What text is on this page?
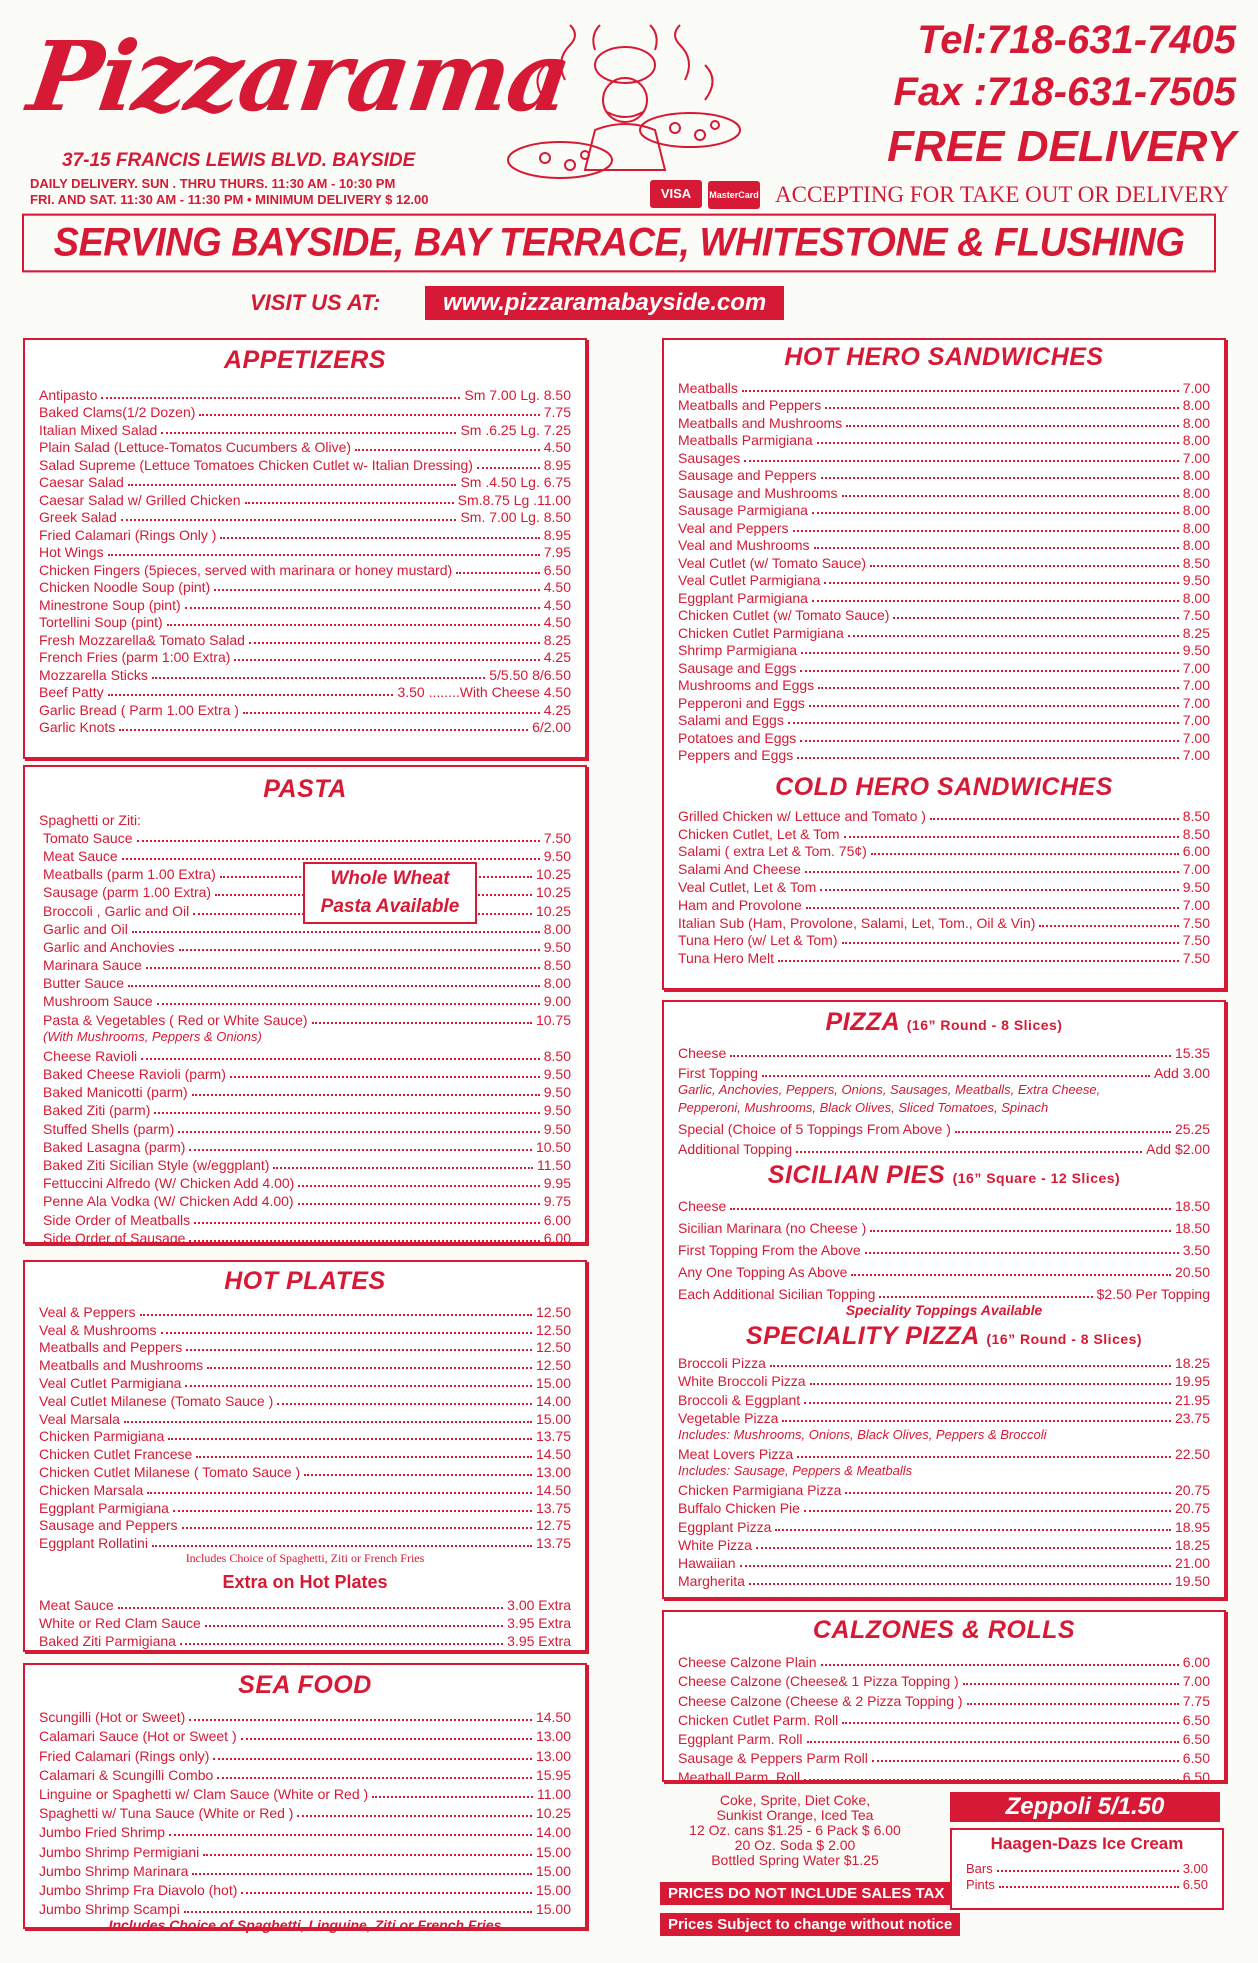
Pizzarama
37-15 FRANCIS LEWIS BLVD. BAYSIDE
DAILY DELIVERY. SUN . THRU THURS. 11:30 AM - 10:30 PM
FRI. AND SAT. 11:30 AM - 11:30 PM • MINIMUM DELIVERY $ 12.00
Tel:718-631-7405
Fax :718-631-7505
FREE DELIVERY
VISA MasterCard ACCEPTING FOR TAKE OUT OR DELIVERY
SERVING BAYSIDE, BAY TERRACE, WHITESTONE & FLUSHING
VISIT US AT:	www.pizzaramabayside.com
APPETIZERS
Antipasto	Sm 7.00 Lg. 8.50
Baked Clams(1/2 Dozen)	7.75
Italian Mixed Salad	Sm .6.25 Lg. 7.25
Plain Salad (Lettuce-Tomatos Cucumbers & Olive)	4.50
Salad Supreme (Lettuce Tomatoes Chicken Cutlet w- Italian Dressing)	8.95
Caesar Salad	Sm .4.50 Lg. 6.75
Caesar Salad w/ Grilled Chicken	Sm.8.75 Lg .11.00
Greek Salad	Sm. 7.00 Lg. 8.50
Fried Calamari (Rings Only )	8.95
Hot Wings	7.95
Chicken Fingers (5pieces, served with marinara or honey mustard)	6.50
Chicken Noodle Soup (pint)	4.50
Minestrone Soup (pint)	4.50
Tortellini Soup (pint)	4.50
Fresh Mozzarella& Tomato Salad	8.25
French Fries (parm 1:00 Extra)	4.25
Mozzarella Sticks	5/5.50 8/6.50
Beef Patty	3.50 ........With Cheese 4.50
Garlic Bread ( Parm 1.00 Extra )	4.25
Garlic Knots	6/2.00
PASTA
Spaghetti or Ziti:
Tomato Sauce	7.50
Meat Sauce	9.50
Meatballs (parm 1.00 Extra)	10.25
Sausage (parm 1.00 Extra)	10.25
Broccoli , Garlic and Oil	10.25
Garlic and Oil	8.00
Garlic and Anchovies	9.50
Marinara Sauce	8.50
Butter Sauce	8.00
Mushroom Sauce	9.00
Pasta & Vegetables ( Red or White Sauce)	10.75
(With Mushrooms, Peppers & Onions)
Cheese Ravioli	8.50
Baked Cheese Ravioli (parm)	9.50
Baked Manicotti (parm)	9.50
Baked Ziti (parm)	9.50
Stuffed Shells (parm)	9.50
Baked Lasagna (parm)	10.50
Baked Ziti Sicilian Style (w/eggplant)	11.50
Fettuccini Alfredo (W/ Chicken Add 4.00)	9.95
Penne Ala Vodka (W/ Chicken Add 4.00)	9.75
Side Order of Meatballs	6.00
Side Order of Sausage	6.00
Whole Wheat
Pasta Available
HOT PLATES
Veal & Peppers	12.50
Veal & Mushrooms	12.50
Meatballs and Peppers	12.50
Meatballs and Mushrooms	12.50
Veal Cutlet Parmigiana	15.00
Veal Cutlet Milanese (Tomato Sauce )	14.00
Veal Marsala	15.00
Chicken Parmigiana	13.75
Chicken Cutlet Francese	14.50
Chicken Cutlet Milanese ( Tomato Sauce )	13.00
Chicken Marsala	14.50
Eggplant Parmigiana	13.75
Sausage and Peppers	12.75
Eggplant Rollatini	13.75
Includes Choice of Spaghetti, Ziti or French Fries
Extra on Hot Plates
Meat Sauce	3.00 Extra
White or Red Clam Sauce	3.95 Extra
Baked Ziti Parmigiana	3.95 Extra
SEA FOOD
Scungilli (Hot or Sweet)	14.50
Calamari Sauce (Hot or Sweet )	13.00
Fried Calamari (Rings only)	13.00
Calamari & Scungilli Combo	15.95
Linguine or Spaghetti w/ Clam Sauce (White or Red )	11.00
Spaghetti w/ Tuna Sauce (White or Red )	10.25
Jumbo Fried Shrimp	14.00
Jumbo Shrimp Permigiani	15.00
Jumbo Shrimp Marinara	15.00
Jumbo Shrimp Fra Diavolo (hot)	15.00
Jumbo Shrimp Scampi	15.00
Includes Choice of Spaghetti, Linguine, Ziti or French Fries
HOT HERO SANDWICHES
Meatballs	7.00
Meatballs and Peppers	8.00
Meatballs and Mushrooms	8.00
Meatballs Parmigiana	8.00
Sausages	7.00
Sausage and Peppers	8.00
Sausage and Mushrooms	8.00
Sausage Parmigiana	8.00
Veal and Peppers	8.00
Veal and Mushrooms	8.00
Veal Cutlet (w/ Tomato Sauce)	8.50
Veal Cutlet Parmigiana	9.50
Eggplant Parmigiana	8.00
Chicken Cutlet (w/ Tomato Sauce)	7.50
Chicken Cutlet Parmigiana	8.25
Shrimp Parmigiana	9.50
Sausage and Eggs	7.00
Mushrooms and Eggs	7.00
Pepperoni and Eggs	7.00
Salami and Eggs	7.00
Potatoes and Eggs	7.00
Peppers and Eggs	7.00
COLD HERO SANDWICHES
Grilled Chicken w/ Lettuce and Tomato )	8.50
Chicken Cutlet, Let & Tom	8.50
Salami ( extra Let & Tom. 75¢)	6.00
Salami And Cheese	7.00
Veal Cutlet, Let & Tom	9.50
Ham and Provolone	7.00
Italian Sub (Ham, Provolone, Salami, Let, Tom., Oil & Vin)	7.50
Tuna Hero (w/ Let & Tom)	7.50
Tuna Hero Melt	7.50
PIZZA (16” Round - 8 Slices)
Cheese	15.35
First Topping	Add 3.00
Garlic, Anchovies, Peppers, Onions, Sausages, Meatballs, Extra Cheese,
Pepperoni, Mushrooms, Black Olives, Sliced Tomatoes, Spinach
Special (Choice of 5 Toppings From Above )	25.25
Additional Topping	Add $2.00
SICILIAN PIES (16” Square - 12 Slices)
Cheese	18.50
Sicilian Marinara (no Cheese )	18.50
First Topping From the Above	3.50
Any One Topping As Above	20.50
Each Additional Sicilian Topping	$2.50 Per Topping
Speciality Toppings Available
SPECIALITY PIZZA (16” Round - 8 Slices)
Broccoli Pizza	18.25
White Broccoli Pizza	19.95
Broccoli & Eggplant	21.95
Vegetable Pizza	23.75
Includes: Mushrooms, Onions, Black Olives, Peppers & Broccoli
Meat Lovers Pizza	22.50
Includes: Sausage, Peppers & Meatballs
Chicken Parmigiana Pizza	20.75
Buffalo Chicken Pie	20.75
Eggplant Pizza	18.95
White Pizza	18.25
Hawaiian	21.00
Margherita	19.50
CALZONES & ROLLS
Cheese Calzone Plain	6.00
Cheese Calzone (Cheese& 1 Pizza Topping )	7.00
Cheese Calzone (Cheese & 2 Pizza Topping )	7.75
Chicken Cutlet Parm. Roll	6.50
Eggplant Parm. Roll	6.50
Sausage & Peppers Parm Roll	6.50
Meatball Parm. Roll	6.50
Coke, Sprite, Diet Coke,
Sunkist Orange, Iced Tea
12 Oz. cans $1.25 - 6 Pack $ 6.00
20 Oz. Soda $ 2.00
Bottled Spring Water $1.25
Zeppoli 5/1.50
Haagen-Dazs Ice Cream
Bars	3.00
Pints	6.50
PRICES DO NOT INCLUDE SALES TAX
Prices Subject to change without notice
